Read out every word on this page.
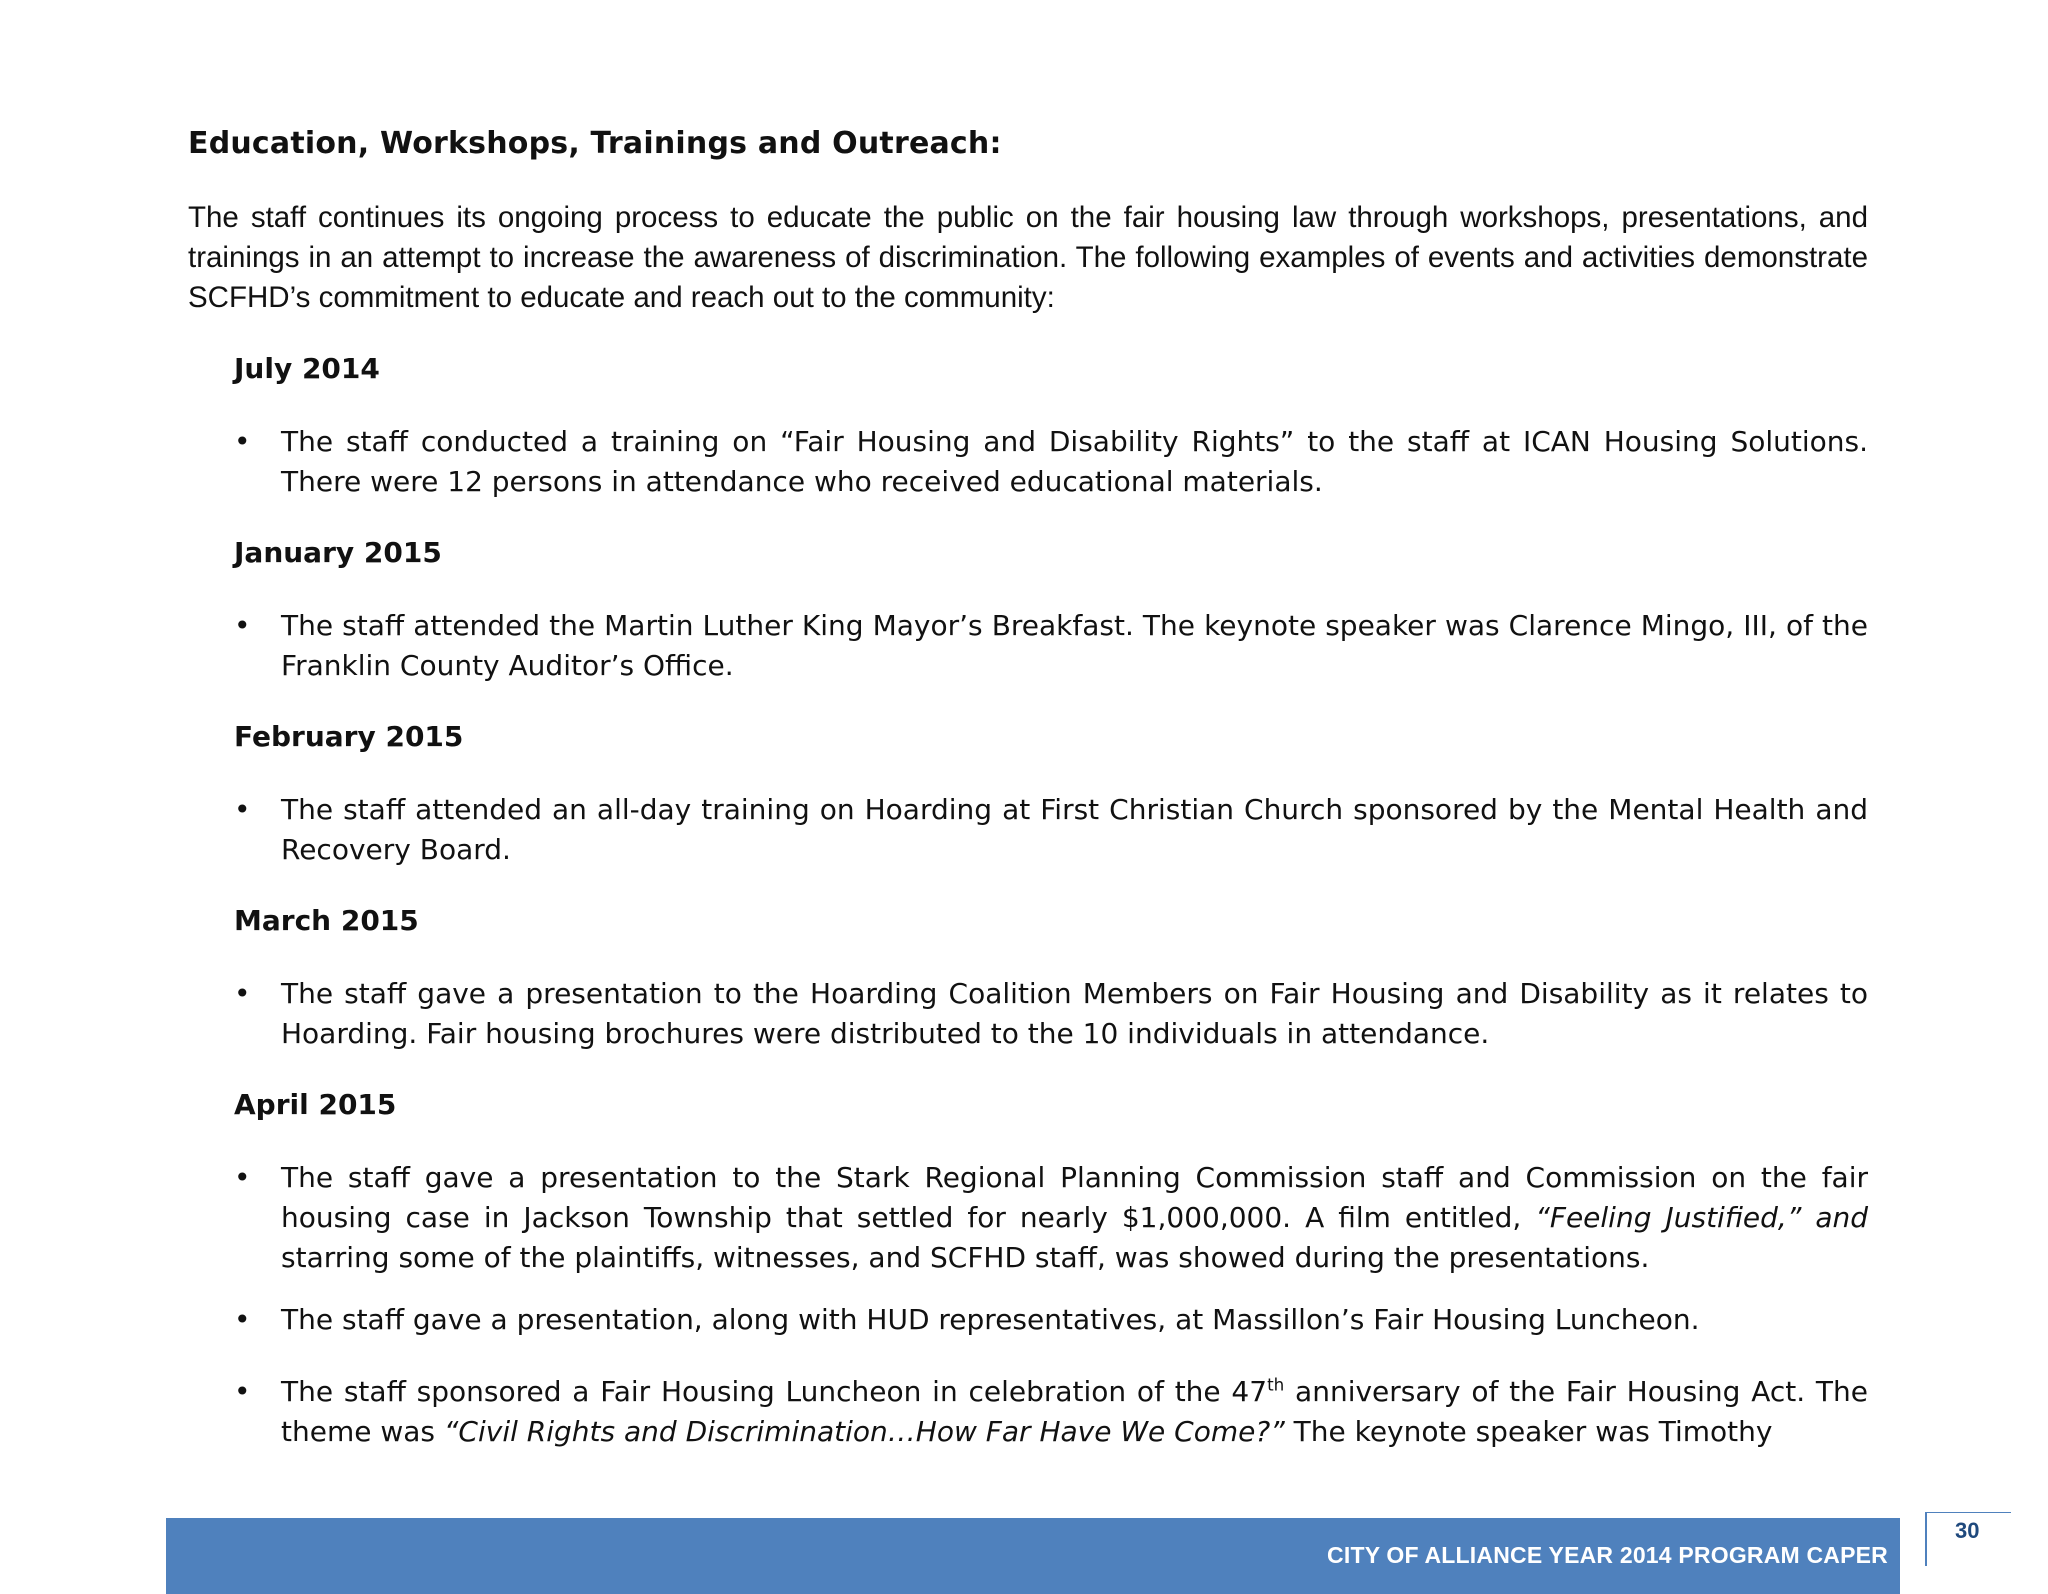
Education, Workshops, Trainings and Outreach:

The staff continues its ongoing process to educate the public on the fair housing law through workshops, presentations, and trainings in an attempt to increase the awareness of discrimination. The following examples of events and activities demonstrate SCFHD’s commitment to educate and reach out to the community:

July 2014

• The staff conducted a training on “Fair Housing and Disability Rights” to the staff at ICAN Housing Solutions. There were 12 persons in attendance who received educational materials.

January 2015

• The staff attended the Martin Luther King Mayor’s Breakfast. The keynote speaker was Clarence Mingo, III, of the Franklin County Auditor’s Office.

February 2015

• The staff attended an all-day training on Hoarding at First Christian Church sponsored by the Mental Health and Recovery Board.

March 2015

• The staff gave a presentation to the Hoarding Coalition Members on Fair Housing and Disability as it relates to Hoarding. Fair housing brochures were distributed to the 10 individuals in attendance.

April 2015

• The staff gave a presentation to the Stark Regional Planning Commission staff and Commission on the fair housing case in Jackson Township that settled for nearly $1,000,000. A film entitled, “Feeling Justified,” and starring some of the plaintiffs, witnesses, and SCFHD staff, was showed during the presentations.
• The staff gave a presentation, along with HUD representatives, at Massillon’s Fair Housing Luncheon.
• The staff sponsored a Fair Housing Luncheon in celebration of the 47th anniversary of the Fair Housing Act. The theme was “Civil Rights and Discrimination…How Far Have We Come?” The keynote speaker was Timothy
CITY OF ALLIANCE YEAR 2014 PROGRAM CAPER
30
